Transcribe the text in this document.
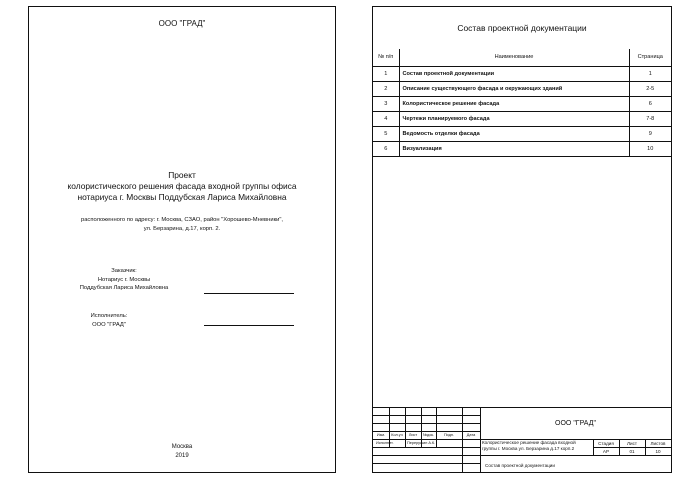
ООО "ГРАД"
Проект
колористического решения фасада входной группы офиса
нотариуса г. Москвы Поддубская Лариса Михайловна
расположенного по адресу: г. Москва, СЗАО, район "Хорошево-Мневники",
ул. Берзарина, д.17, корп. 2.
Заказчик:
Нотариус г. Москвы
Поддубская Лариса Михайловна
Исполнитель:
ООО "ГРАД"
Москва
2019
Состав проектной документации
№ п/п	Наименование	Страница
1	Состав проектной документации	1
2	Описание существующего фасада и окружающих зданий	2-5
3	Колористическое решение фасада	6
4	Чертежи планируемого фасада	7-8
5	Ведомость отделки фасада	9
6	Визуализация	10
ООО "ГРАД"
Изм.	Кол.уч	Лист	№док.	Подп.	Дата
Исполнит.	Перерушин А.К.	Колористическое решение фасада входной
группы г. Москва ул. Берзарина д.17 корп.2
Стадия	Лист	Листов
АР	01	10
Состав проектной документации
